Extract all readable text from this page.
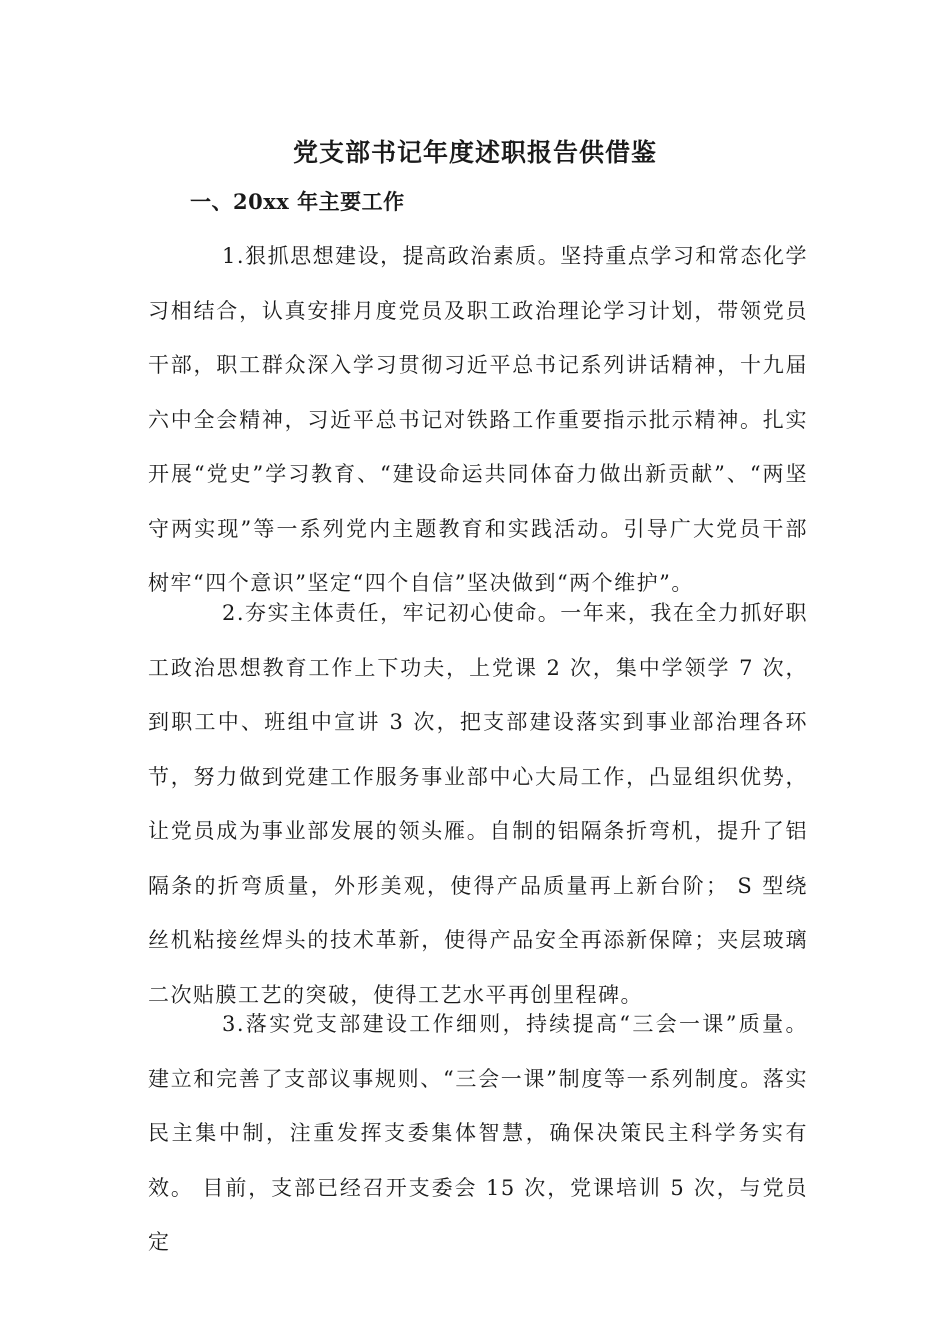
党支部书记年度述职报告供借鉴
一、20xx 年主要工作

1.狠抓思想建设，提高政治素质。坚持重点学习和常态化学习相结合，认真安排月度党员及职工政治理论学习计划，带领党员干部，职工群众深入学习贯彻习近平总书记系列讲话精神，十九届六中全会精神，习近平总书记对铁路工作重要指示批示精神。扎实开展“党史”学习教育、“建设命运共同体奋力做出新贡献”、“两坚守两实现”等一系列党内主题教育和实践活动。引导广大党员干部树牢“四个意识”坚定“四个自信”坚决做到“两个维护”。

2.夯实主体责任，牢记初心使命。一年来，我在全力抓好职工政治思想教育工作上下功夫，上党课 2 次，集中学领学 7 次，到职工中、班组中宣讲 3 次，把支部建设落实到事业部治理各环节，努力做到党建工作服务事业部中心大局工作，凸显组织优势，让党员成为事业部发展的领头雁。自制的铝隔条折弯机，提升了铝隔条的折弯质量，外形美观，使得产品质量再上新台阶； S 型绕丝机粘接丝焊头的技术革新，使得产品安全再添新保障；夹层玻璃二次贴膜工艺的突破，使得工艺水平再创里程碑。

3.落实党支部建设工作细则，持续提高“三会一课”质量。建立和完善了支部议事规则、“三会一课”制度等一系列制度。落实民主集中制，注重发挥支委集体智慧，确保决策民主科学务实有效。 目前，支部已经召开支委会 15 次，党课培训 5 次，与党员定
